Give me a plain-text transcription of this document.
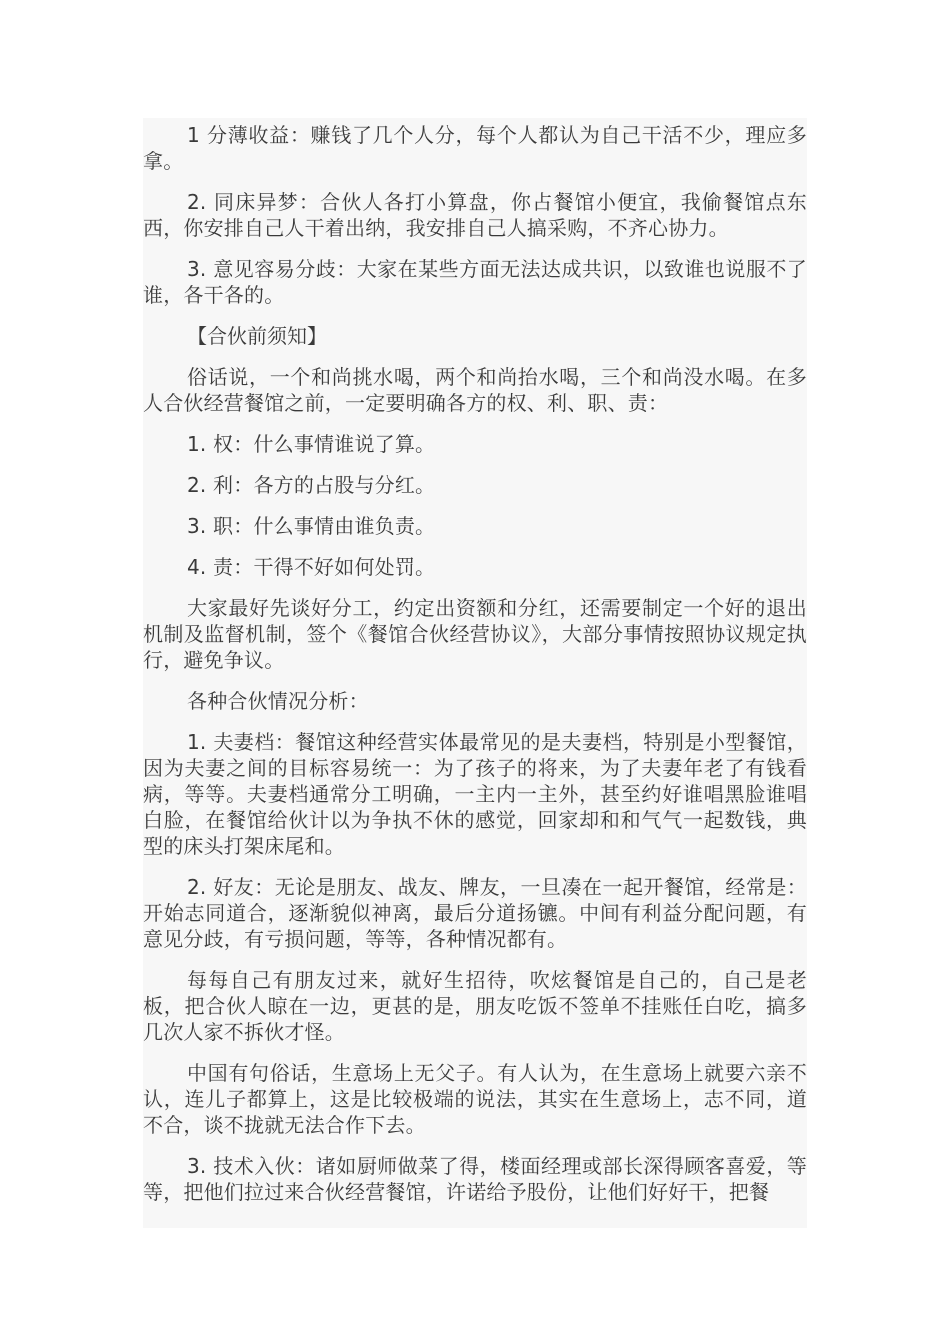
1 分薄收益：赚钱了几个人分，每个人都认为自己干活不少，理应多拿。

2. 同床异梦：合伙人各打小算盘，你占餐馆小便宜，我偷餐馆点东西，你安排自己人干着出纳，我安排自己人搞采购，不齐心协力。

3. 意见容易分歧：大家在某些方面无法达成共识，以致谁也说服不了谁，各干各的。

【合伙前须知】

俗话说，一个和尚挑水喝，两个和尚抬水喝，三个和尚没水喝。在多人合伙经营餐馆之前，一定要明确各方的权、利、职、责：

1. 权：什么事情谁说了算。

2. 利：各方的占股与分红。

3. 职：什么事情由谁负责。

4. 责：干得不好如何处罚。

大家最好先谈好分工，约定出资额和分红，还需要制定一个好的退出机制及监督机制，签个《餐馆合伙经营协议》，大部分事情按照协议规定执行，避免争议。

各种合伙情况分析：

1. 夫妻档：餐馆这种经营实体最常见的是夫妻档，特别是小型餐馆，因为夫妻之间的目标容易统一：为了孩子的将来，为了夫妻年老了有钱看病，等等。夫妻档通常分工明确，一主内一主外，甚至约好谁唱黑脸谁唱白脸，在餐馆给伙计以为争执不休的感觉，回家却和和气气一起数钱，典型的床头打架床尾和。

2. 好友：无论是朋友、战友、牌友，一旦凑在一起开餐馆，经常是：开始志同道合，逐渐貌似神离，最后分道扬镳。中间有利益分配问题，有意见分歧，有亏损问题，等等，各种情况都有。

每每自己有朋友过来，就好生招待，吹炫餐馆是自己的，自己是老板，把合伙人晾在一边，更甚的是，朋友吃饭不签单不挂账任白吃，搞多几次人家不拆伙才怪。

中国有句俗话，生意场上无父子。有人认为，在生意场上就要六亲不认，连儿子都算上，这是比较极端的说法，其实在生意场上，志不同，道不合，谈不拢就无法合作下去。

3. 技术入伙：诸如厨师做菜了得，楼面经理或部长深得顾客喜爱，等等，把他们拉过来合伙经营餐馆，许诺给予股份，让他们好好干，把餐
